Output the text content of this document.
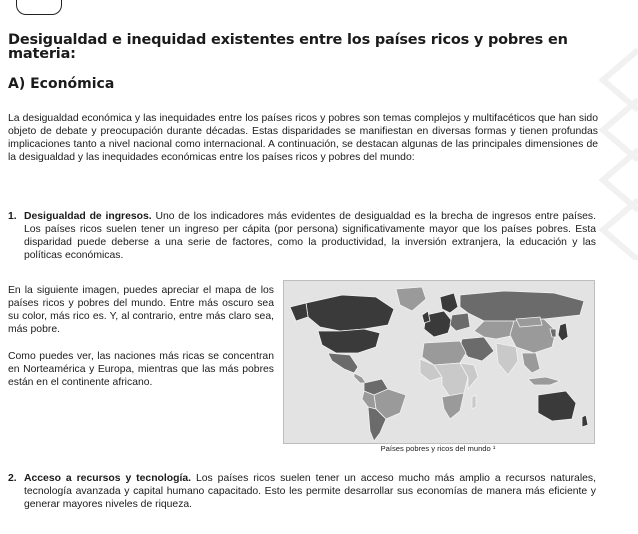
Desigualdad e inequidad existentes entre los países ricos y pobres en materia:
A) Económica

La desigualdad económica y las inequidades entre los países ricos y pobres son temas complejos y multifacéticos que han sido objeto de debate y preocupación durante décadas. Estas disparidades se manifiestan en diversas formas y tienen profundas implicaciones tanto a nivel nacional como internacional. A continuación, se destacan algunas de las principales dimensiones de la desigualdad y las inequidades económicas entre los países ricos y pobres del mundo:

1. Desigualdad de ingresos. Uno de los indicadores más evidentes de desigualdad es la brecha de ingresos entre países. Los países ricos suelen tener un ingreso per cápita (por persona) significativamente mayor que los países pobres. Esta disparidad puede deberse a una serie de factores, como la productividad, la inversión extranjera, la educación y las políticas económicas.
2. Acceso a recursos y tecnología. Los países ricos suelen tener un acceso mucho más amplio a recursos naturales, tecnología avanzada y capital humano capacitado. Esto les permite desarrollar sus economías de manera más eficiente y generar mayores niveles de riqueza.

En la siguiente imagen, puedes apreciar el mapa de los países ricos y pobres del mundo. Entre más oscuro sea su color, más rico es. Y, al contrario, entre más claro sea, más pobre.

Como puedes ver, las naciones más ricas se concentran en Norteamérica y Europa, mientras que las más pobres están en el continente africano.

Países pobres y ricos del mundo ¹
